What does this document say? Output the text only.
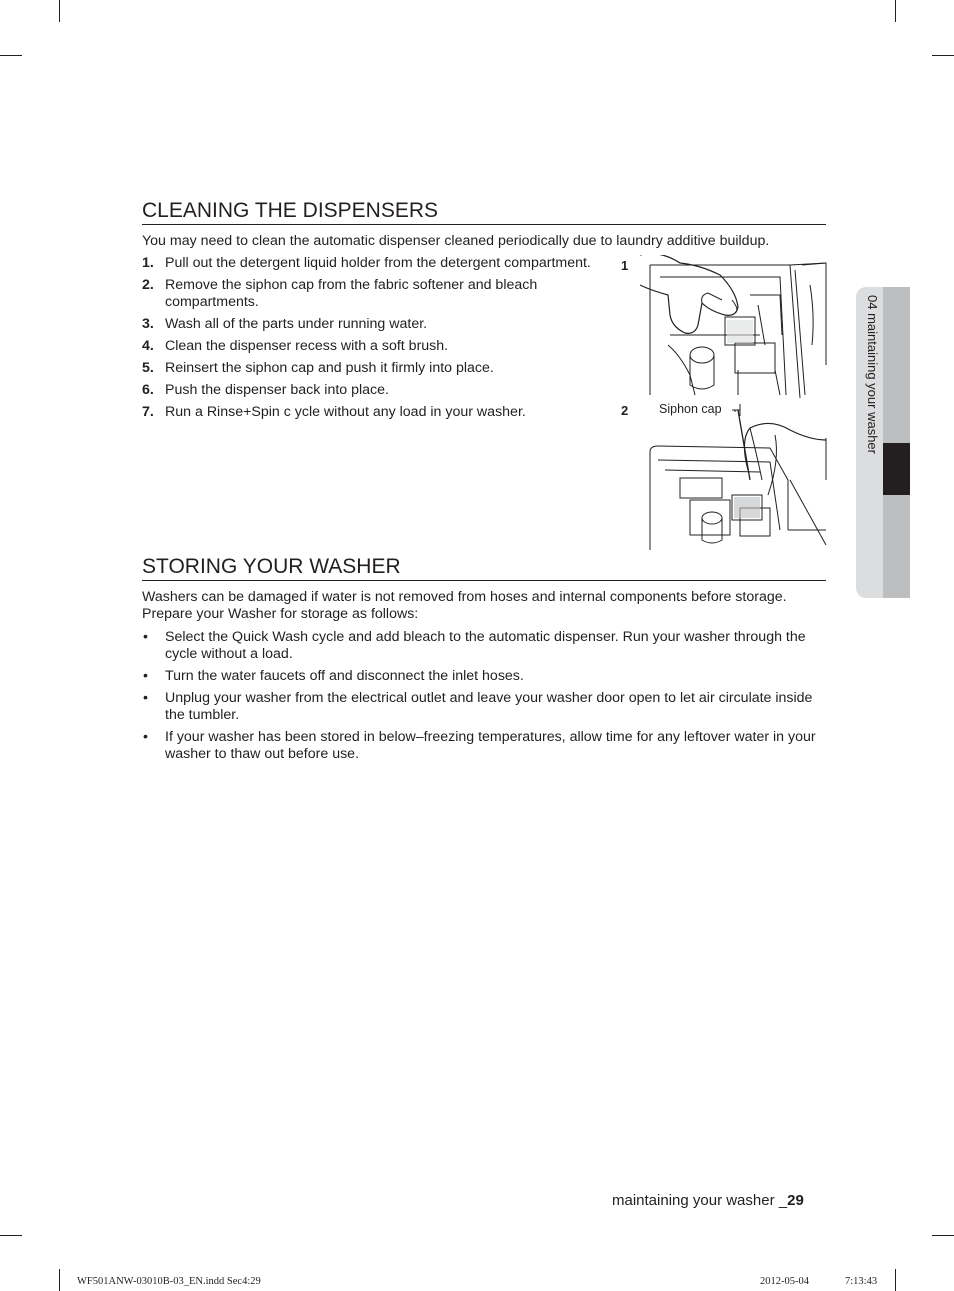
CLEANING THE DISPENSERS

You may need to clean the automatic dispenser cleaned periodically due to laundry additive buildup.

1. Pull out the detergent liquid holder from the detergent compartment.
2. Remove the siphon cap from the fabric softener and bleach compartments.
3. Wash all of the parts under running water.
4. Clean the dispenser recess with a soft brush.
5. Reinsert the siphon cap and push it firmly into place.
6. Push the dispenser back into place.
7. Run a Rinse+Spin c ycle without any load in your washer.
1
2 Siphon cap
STORING YOUR WASHER

Washers can be damaged if water is not removed from hoses and internal components before storage. Prepare your Washer for storage as follows:

• Select the Quick Wash cycle and add bleach to the automatic dispenser. Run your washer through the cycle without a load.
• Turn the water faucets off and disconnect the inlet hoses.
• Unplug your washer from the electrical outlet and leave your washer door open to let air circulate inside the tumbler.
• If your washer has been stored in below–freezing temperatures, allow time for any leftover water in your washer to thaw out before use.
04 maintaining your washer
maintaining your washer _29
WF501ANW-03010B-03_EN.indd Sec4:29	2012-05-04	7:13:43
